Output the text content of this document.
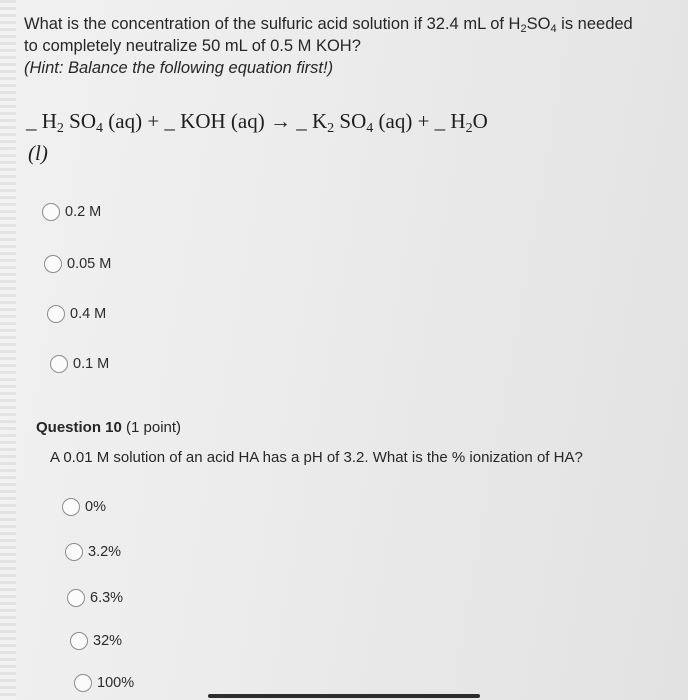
What is the concentration of the sulfuric acid solution if 32.4 mL of $H_2SO_4$ is needed
to completely neutralize 50 mL of 0.5 M KOH?
(Hint: Balance the following equation first!)
_ $H_2$ $SO_4$ (aq) + _ KOH (aq) → _ $K_2$ $SO_4$ (aq) + _ $H_2O$
(l)
0.2 M
0.05 M
0.4 M
0.1 M
Question 10 (1 point)
A 0.01 M solution of an acid HA has a pH of 3.2. What is the % ionization of HA?
0%
3.2%
6.3%
32%
100%
